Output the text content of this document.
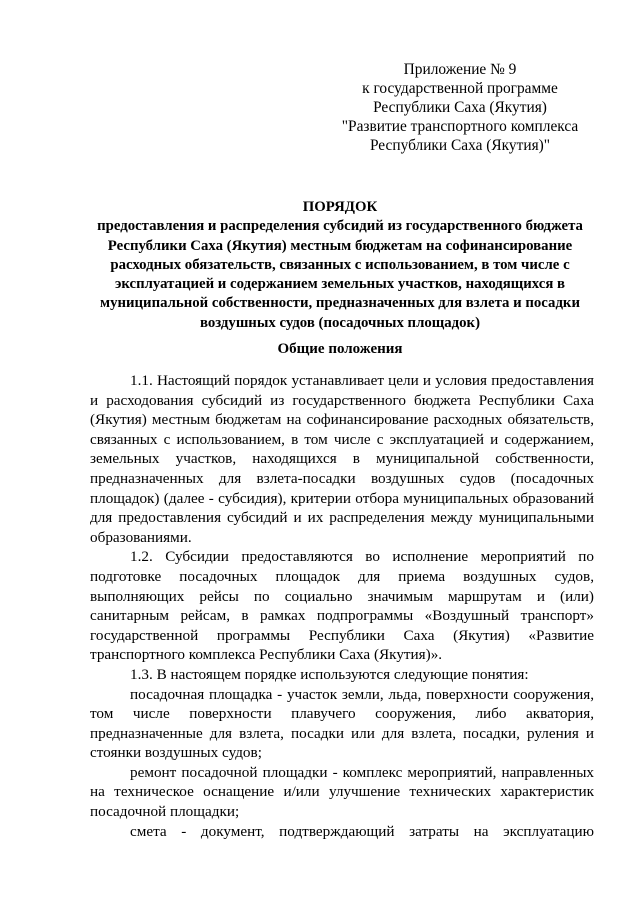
Приложение № 9
к государственной программе
Республики Саха (Якутия)
"Развитие транспортного комплекса
Республики Саха (Якутия)"
ПОРЯДОК
предоставления и распределения субсидий из государственного бюджета
Республики Саха (Якутия) местным бюджетам на софинансирование
расходных обязательств, связанных с использованием, в том числе с
эксплуатацией и содержанием земельных участков, находящихся в
муниципальной собственности, предназначенных для взлета и посадки
воздушных судов (посадочных площадок)
Общие положения
1.1. Настоящий порядок устанавливает цели и условия предоставления
и расходования субсидий из государственного бюджета Республики Саха
(Якутия) местным бюджетам на софинансирование расходных обязательств,
связанных с использованием, в том числе с эксплуатацией и содержанием,
земельных участков, находящихся в муниципальной собственности,
предназначенных для взлета-посадки воздушных судов (посадочных
площадок) (далее - субсидия), критерии отбора муниципальных образований
для предоставления субсидий и их распределения между муниципальными
образованиями.
1.2. Субсидии предоставляются во исполнение мероприятий по
подготовке посадочных площадок для приема воздушных судов,
выполняющих рейсы по социально значимым маршрутам и (или)
санитарным рейсам, в рамках подпрограммы «Воздушный транспорт»
государственной программы Республики Саха (Якутия) «Развитие
транспортного комплекса Республики Саха (Якутия)».
1.3. В настоящем порядке используются следующие понятия:
посадочная площадка - участок земли, льда, поверхности сооружения,
том числе поверхности плавучего сооружения, либо акватория,
предназначенные для взлета, посадки или для взлета, посадки, руления и
стоянки воздушных судов;
ремонт посадочной площадки - комплекс мероприятий, направленных
на техническое оснащение и/или улучшение технических характеристик
посадочной площадки;
смета - документ, подтверждающий затраты на эксплуатацию
